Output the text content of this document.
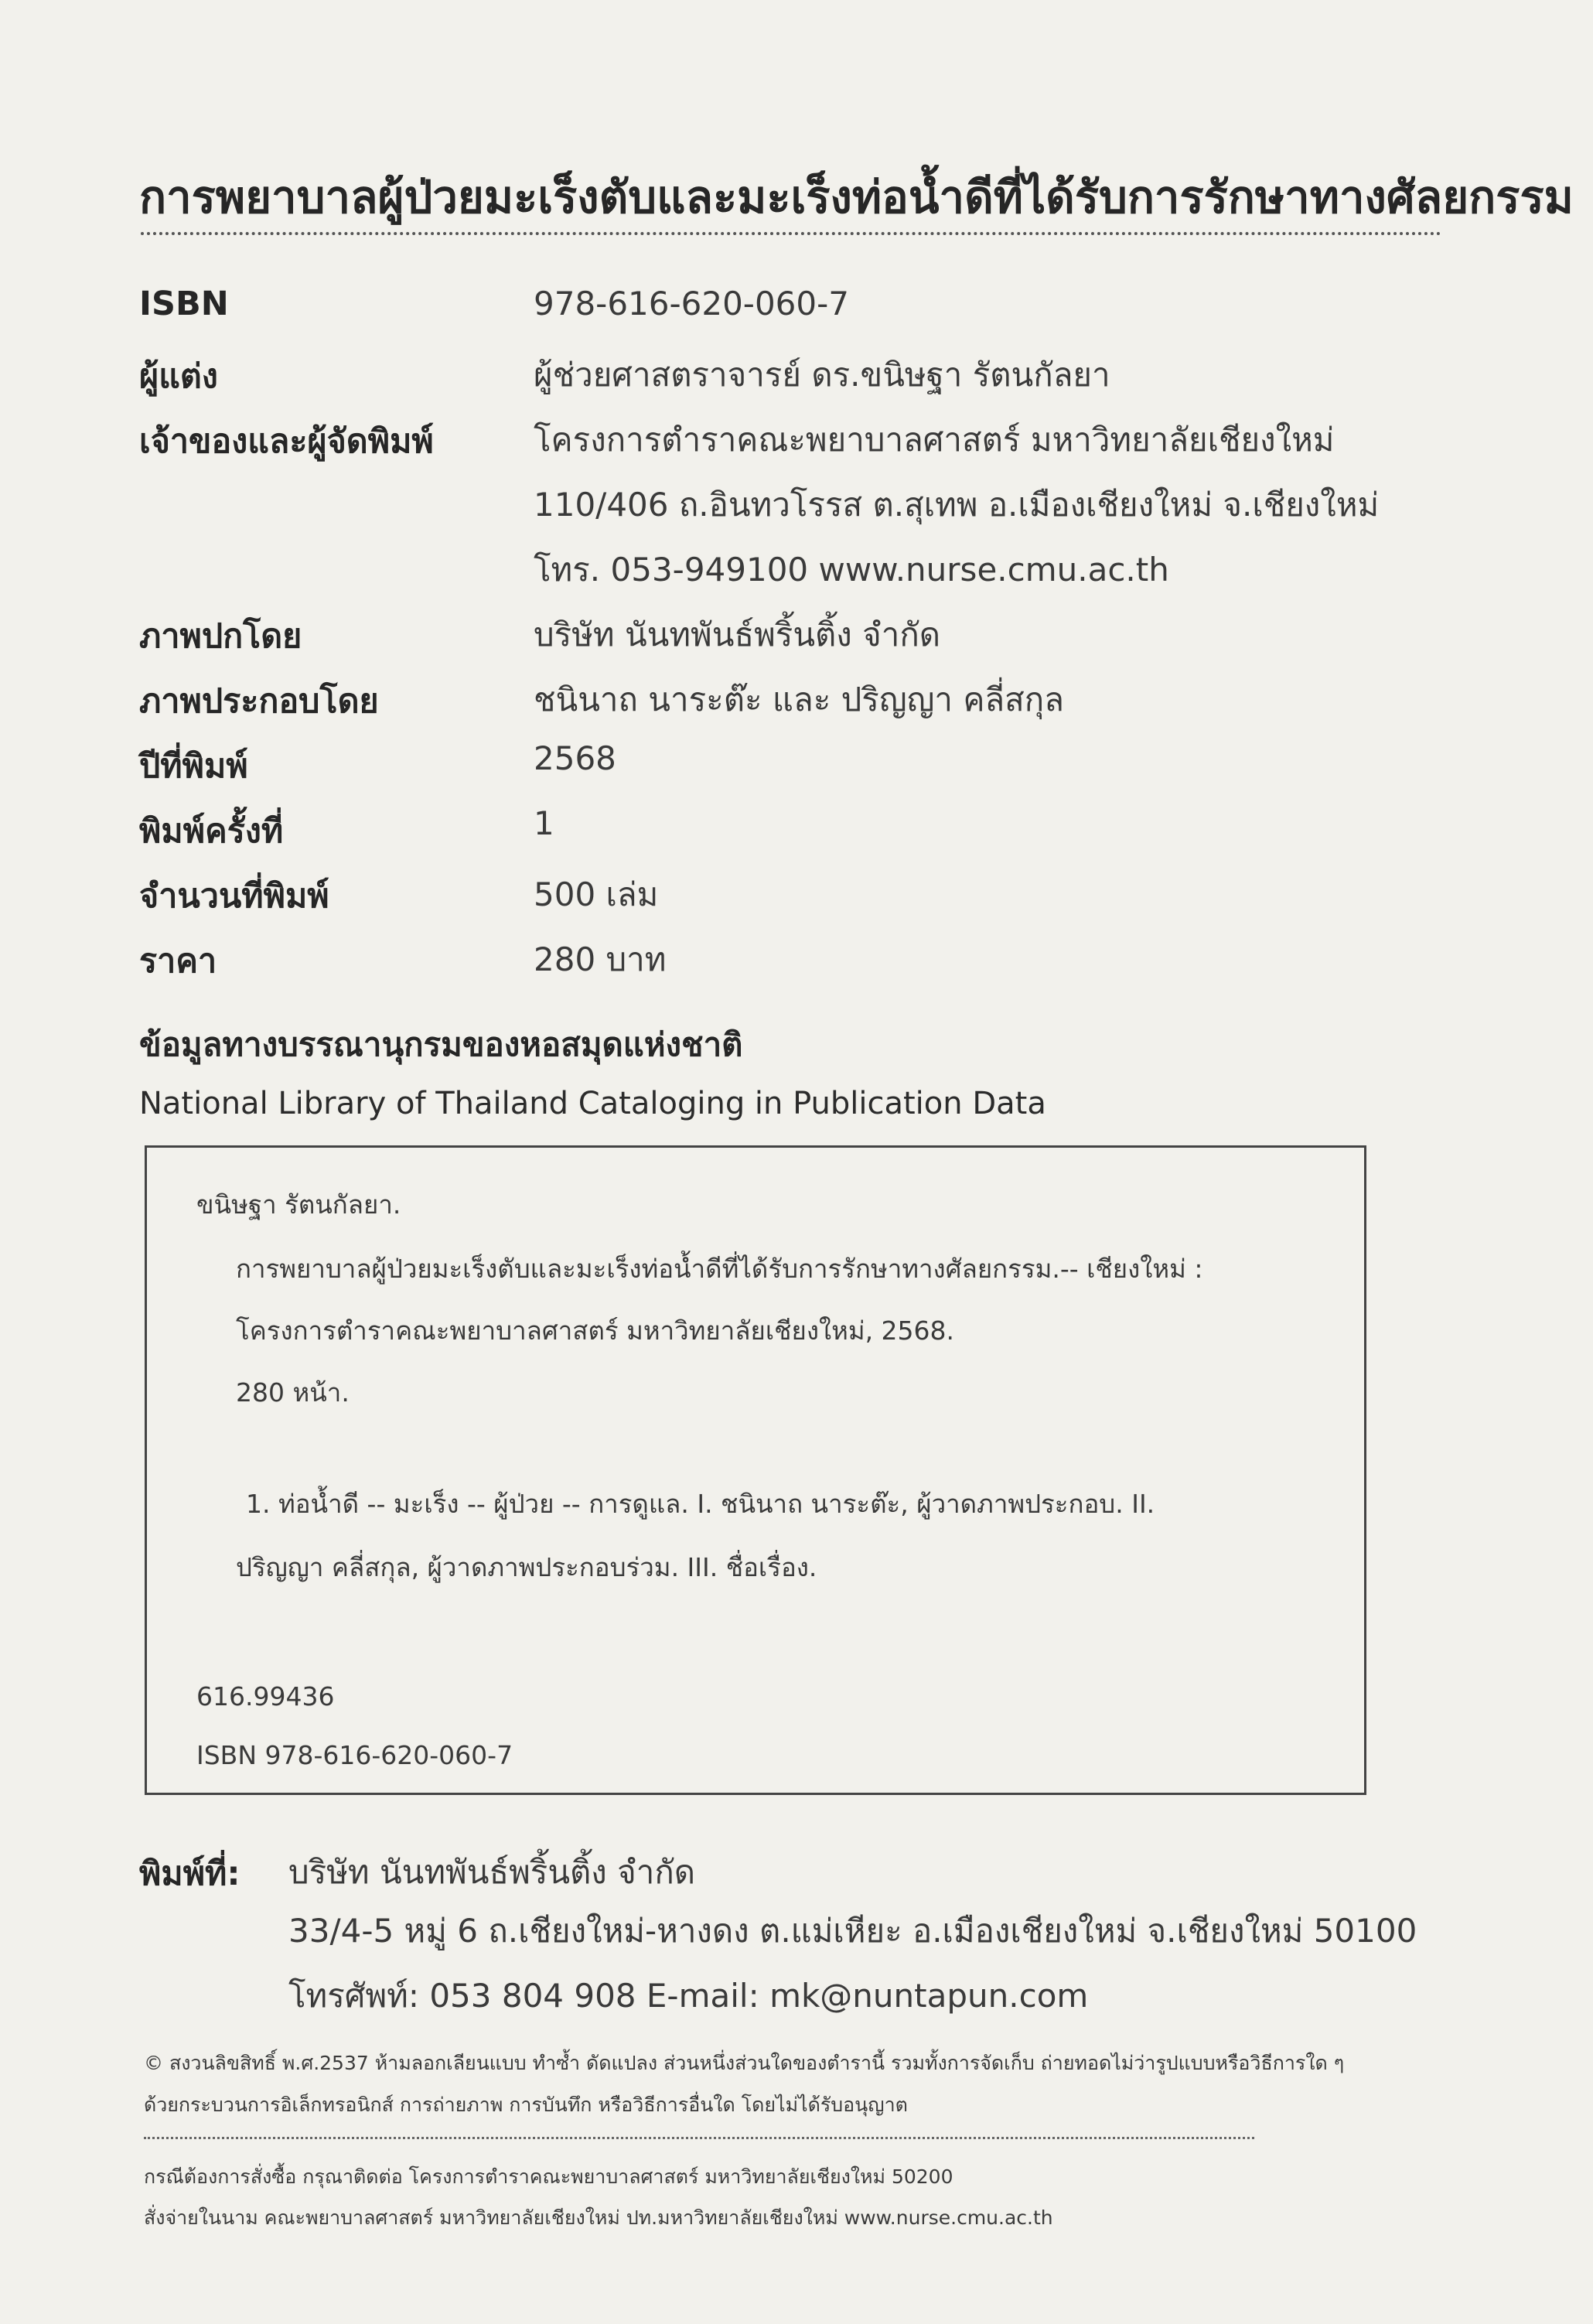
การพยาบาลผู้ป่วยมะเร็งตับและมะเร็งท่อน้ำดีที่ได้รับการรักษาทางศัลยกรรม
ISBN	978-616-620-060-7
ผู้แต่ง	ผู้ช่วยศาสตราจารย์ ดร.ขนิษฐา รัตนกัลยา
เจ้าของและผู้จัดพิมพ์	โครงการตำราคณะพยาบาลศาสตร์ มหาวิทยาลัยเชียงใหม่
110/406 ถ.อินทวโรรส ต.สุเทพ อ.เมืองเชียงใหม่ จ.เชียงใหม่
โทร. 053-949100 www.nurse.cmu.ac.th
ภาพปกโดย	บริษัท นันทพันธ์พริ้นติ้ง จำกัด
ภาพประกอบโดย	ชนินาถ นาระต๊ะ และ ปริญญา คลี่สกุล
ปีที่พิมพ์	2568
พิมพ์ครั้งที่	1
จำนวนที่พิมพ์	500 เล่ม
ราคา	280 บาท
ข้อมูลทางบรรณานุกรมของหอสมุดแห่งชาติ
National Library of Thailand Cataloging in Publication Data
ขนิษฐา รัตนกัลยา.
การพยาบาลผู้ป่วยมะเร็งตับและมะเร็งท่อน้ำดีที่ได้รับการรักษาทางศัลยกรรม.-- เชียงใหม่ :
โครงการตำราคณะพยาบาลศาสตร์ มหาวิทยาลัยเชียงใหม่, 2568.
280 หน้า.
1. ท่อน้ำดี -- มะเร็ง -- ผู้ป่วย -- การดูแล. I. ชนินาถ นาระต๊ะ, ผู้วาดภาพประกอบ. II.
ปริญญา คลี่สกุล, ผู้วาดภาพประกอบร่วม. III. ชื่อเรื่อง.
616.99436
ISBN 978-616-620-060-7
พิมพ์ที่: บริษัท นันทพันธ์พริ้นติ้ง จำกัด
33/4-5 หมู่ 6 ถ.เชียงใหม่-หางดง ต.แม่เหียะ อ.เมืองเชียงใหม่ จ.เชียงใหม่ 50100
โทรศัพท์: 053 804 908 E-mail: mk@nuntapun.com
© สงวนลิขสิทธิ์ พ.ศ.2537 ห้ามลอกเลียนแบบ ทำซ้ำ ดัดแปลง ส่วนหนึ่งส่วนใดของตำรานี้ รวมทั้งการจัดเก็บ ถ่ายทอดไม่ว่ารูปแบบหรือวิธีการใด ๆ
ด้วยกระบวนการอิเล็กทรอนิกส์ การถ่ายภาพ การบันทึก หรือวิธีการอื่นใด โดยไม่ได้รับอนุญาต
กรณีต้องการสั่งซื้อ กรุณาติดต่อ โครงการตำราคณะพยาบาลศาสตร์ มหาวิทยาลัยเชียงใหม่ 50200
สั่งจ่ายในนาม คณะพยาบาลศาสตร์ มหาวิทยาลัยเชียงใหม่ ปท.มหาวิทยาลัยเชียงใหม่ www.nurse.cmu.ac.th
